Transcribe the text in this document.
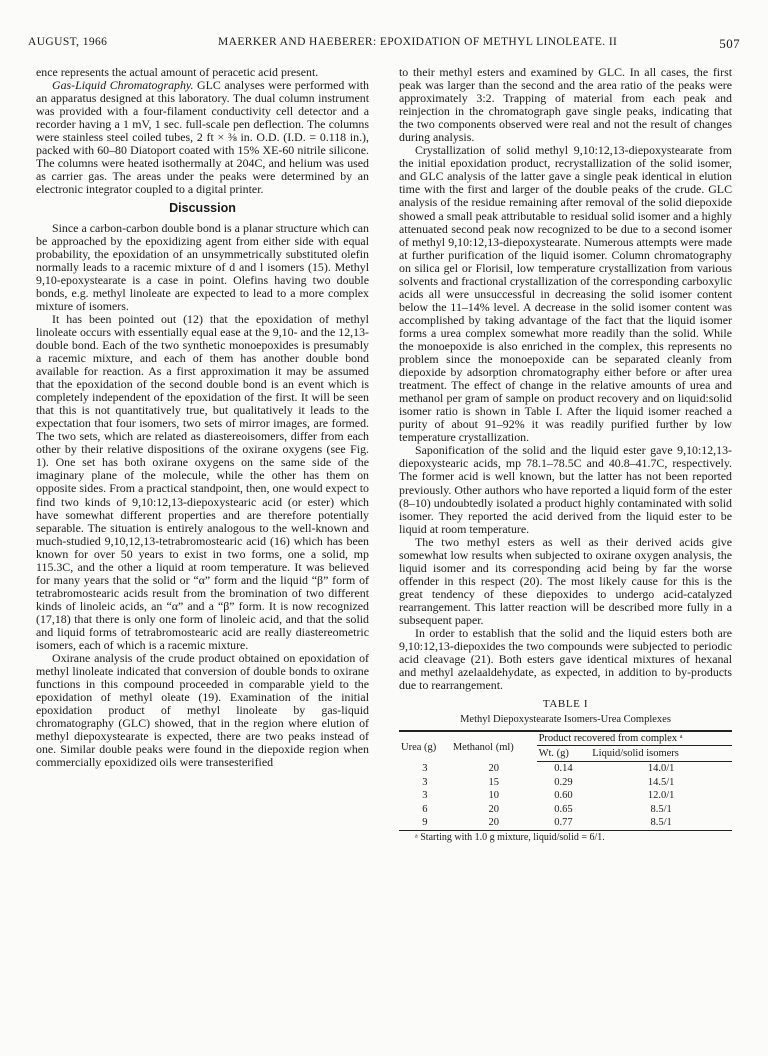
AUGUST, 1966	MAERKER AND HAEBERER: EPOXIDATION OF METHYL LINOLEATE. II	507

ence represents the actual amount of peracetic acid present.

Gas-Liquid Chromatography. GLC analyses were performed with an apparatus designed at this laboratory. The dual column instrument was provided with a four-filament conductivity cell detector and a recorder having a 1 mV, 1 sec. full-scale pen deflection. The columns were stainless steel coiled tubes, 2 ft × ⅜ in. O.D. (I.D. = 0.118 in.), packed with 60–80 Diatoport coated with 15% XE-60 nitrile silicone. The columns were heated isothermally at 204C, and helium was used as carrier gas. The areas under the peaks were determined by an electronic integrator coupled to a digital printer.

Discussion

Since a carbon-carbon double bond is a planar structure which can be approached by the epoxidizing agent from either side with equal probability, the epoxidation of an unsymmetrically substituted olefin normally leads to a racemic mixture of d and l isomers (15). Methyl 9,10-epoxystearate is a case in point. Olefins having two double bonds, e.g. methyl linoleate are expected to lead to a more complex mixture of isomers.

It has been pointed out (12) that the epoxidation of methyl linoleate occurs with essentially equal ease at the 9,10- and the 12,13-double bond. Each of the two synthetic monoepoxides is presumably a racemic mixture, and each of them has another double bond available for reaction. As a first approximation it may be assumed that the epoxidation of the second double bond is an event which is completely independent of the epoxidation of the first. It will be seen that this is not quantitatively true, but qualitatively it leads to the expectation that four isomers, two sets of mirror images, are formed. The two sets, which are related as diastereoisomers, differ from each other by their relative dispositions of the oxirane oxygens (see Fig. 1). One set has both oxirane oxygens on the same side of the imaginary plane of the molecule, while the other has them on opposite sides. From a practical standpoint, then, one would expect to find two kinds of 9,10:12,13-diepoxystearic acid (or ester) which have somewhat different properties and are therefore potentially separable. The situation is entirely analogous to the well-known and much-studied 9,10,12,13-tetrabromostearic acid (16) which has been known for over 50 years to exist in two forms, one a solid, mp 115.3C, and the other a liquid at room temperature. It was believed for many years that the solid or “α” form and the liquid “β” form of tetrabromostearic acids result from the bromination of two different kinds of linoleic acids, an “α” and a “β” form. It is now recognized (17,18) that there is only one form of linoleic acid, and that the solid and liquid forms of tetrabromostearic acid are really diastereometric isomers, each of which is a racemic mixture.

Oxirane analysis of the crude product obtained on epoxidation of methyl linoleate indicated that conversion of double bonds to oxirane functions in this compound proceeded in comparable yield to the epoxidation of methyl oleate (19). Examination of the initial epoxidation product of methyl linoleate by gas-liquid chromatography (GLC) showed, that in the region where elution of methyl diepoxystearate is expected, there are two peaks instead of one. Similar double peaks were found in the diepoxide region when commercially epoxidized oils were transesterified

to their methyl esters and examined by GLC. In all cases, the first peak was larger than the second and the area ratio of the peaks were approximately 3:2. Trapping of material from each peak and reinjection in the chromatograph gave single peaks, indicating that the two components observed were real and not the result of changes during analysis.

Crystallization of solid methyl 9,10:12,13-diepoxystearate from the initial epoxidation product, recrystallization of the solid isomer, and GLC analysis of the latter gave a single peak identical in elution time with the first and larger of the double peaks of the crude. GLC analysis of the residue remaining after removal of the solid diepoxide showed a small peak attributable to residual solid isomer and a highly attenuated second peak now recognized to be due to a second isomer of methyl 9,10:12,13-diepoxystearate. Numerous attempts were made at further purification of the liquid isomer. Column chromatography on silica gel or Florisil, low temperature crystallization from various solvents and fractional crystallization of the corresponding carboxylic acids all were unsuccessful in decreasing the solid isomer content below the 11–14% level. A decrease in the solid isomer content was accomplished by taking advantage of the fact that the liquid isomer forms a urea complex somewhat more readily than the solid. While the monoepoxide is also enriched in the complex, this represents no problem since the monoepoxide can be separated cleanly from diepoxide by adsorption chromatography either before or after urea treatment. The effect of change in the relative amounts of urea and methanol per gram of sample on product recovery and on liquid:solid isomer ratio is shown in Table I. After the liquid isomer reached a purity of about 91–92% it was readily purified further by low temperature crystallization.

Saponification of the solid and the liquid ester gave 9,10:12,13-diepoxystearic acids, mp 78.1–78.5C and 40.8–41.7C, respectively. The former acid is well known, but the latter has not been reported previously. Other authors who have reported a liquid form of the ester (8–10) undoubtedly isolated a product highly contaminated with solid isomer. They reported the acid derived from the liquid ester to be liquid at room temperature.

The two methyl esters as well as their derived acids give somewhat low results when subjected to oxirane oxygen analysis, the liquid isomer and its corresponding acid being by far the worse offender in this respect (20). The most likely cause for this is the great tendency of these diepoxides to undergo acid-catalyzed rearrangement. This latter reaction will be described more fully in a subsequent paper.

In order to establish that the solid and the liquid esters both are 9,10:12,13-diepoxides the two compounds were subjected to periodic acid cleavage (21). Both esters gave identical mixtures of hexanal and methyl azelaaldehydate, as expected, in addition to by-products due to rearrangement.

TABLE I
Methyl Diepoxystearate Isomers-Urea Complexes
Urea (g)	Methanol (ml)	Product recovered from complex ᵃ	
		Wt. (g)	Liquid/solid isomers
3	20	0.14	14.0/1
3	15	0.29	14.5/1
3	10	0.60	12.0/1
6	20	0.65	8.5/1
9	20	0.77	8.5/1

ᵃ Starting with 1.0 g mixture, liquid/solid = 6/1.
